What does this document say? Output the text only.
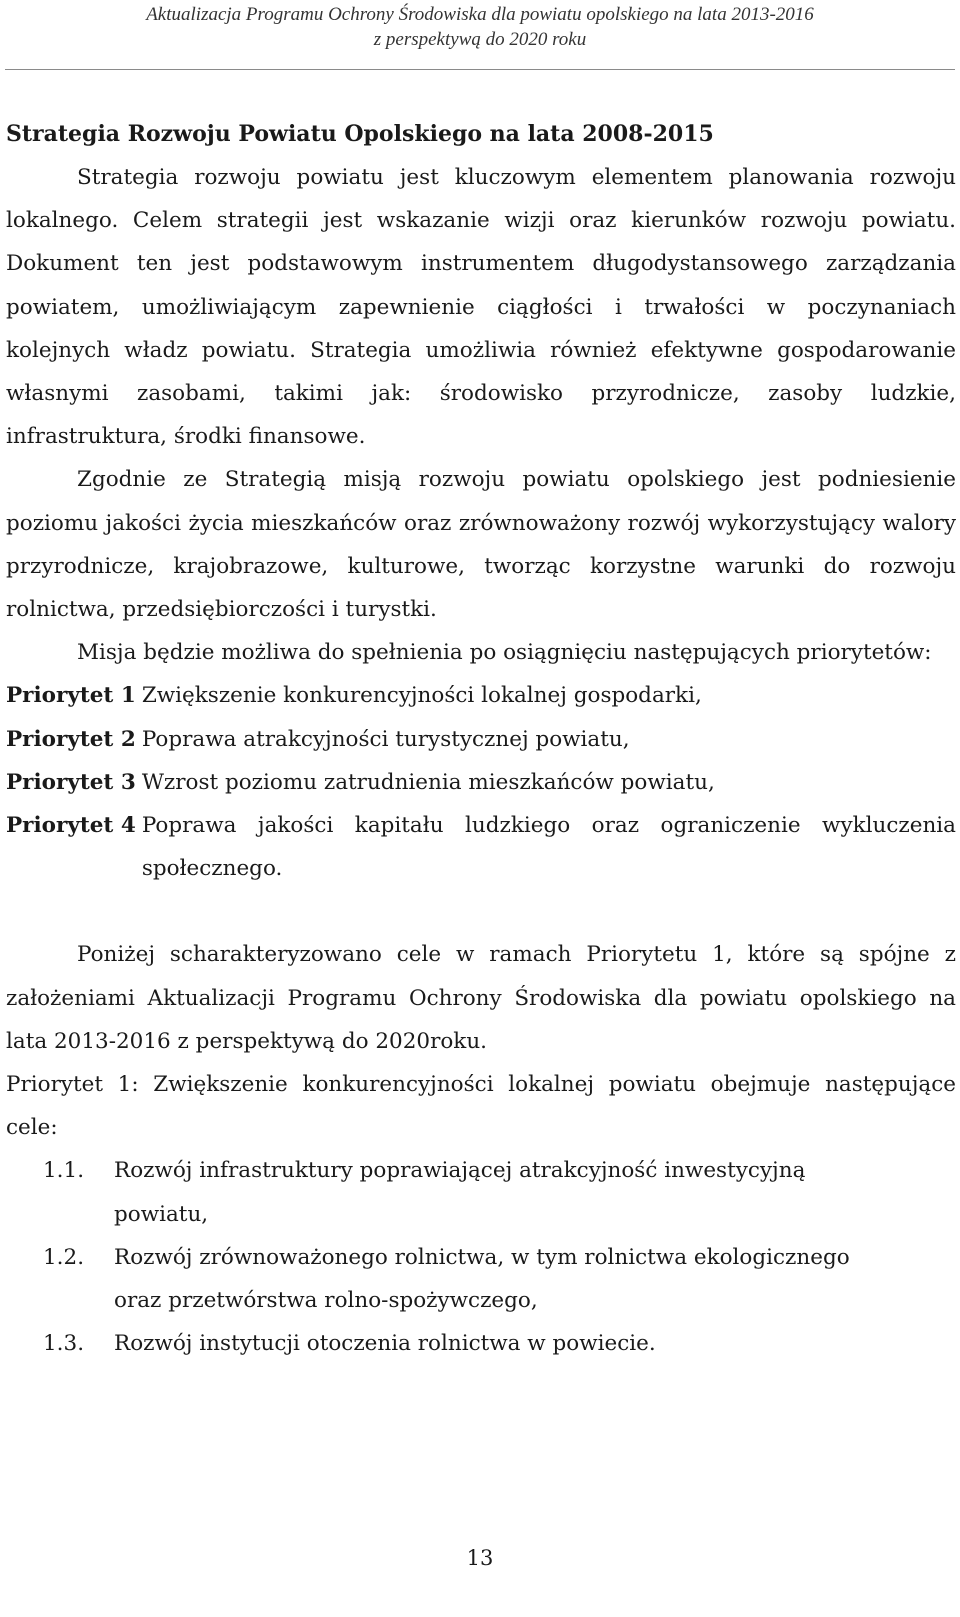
Aktualizacja Programu Ochrony Środowiska dla powiatu opolskiego na lata 2013-2016
z perspektywą do 2020 roku

Strategia Rozwoju Powiatu Opolskiego na lata 2008-2015

Strategia rozwoju powiatu jest kluczowym elementem planowania rozwoju lokalnego. Celem strategii jest wskazanie wizji oraz kierunków rozwoju powiatu. Dokument ten jest podstawowym instrumentem długodystansowego zarządzania powiatem, umożliwiającym zapewnienie ciągłości i trwałości w poczynaniach kolejnych władz powiatu. Strategia umożliwia również efektywne gospodarowanie własnymi zasobami, takimi jak: środowisko przyrodnicze, zasoby ludzkie, infrastruktura, środki finansowe.

Zgodnie ze Strategią misją rozwoju powiatu opolskiego jest podniesienie poziomu jakości życia mieszkańców oraz zrównoważony rozwój wykorzystujący walory przyrodnicze, krajobrazowe, kulturowe, tworząc korzystne warunki do rozwoju rolnictwa, przedsiębiorczości i turystki.

Misja będzie możliwa do spełnienia po osiągnięciu następujących priorytetów:

Priorytet 1 Zwiększenie konkurencyjności lokalnej gospodarki,
Priorytet 2 Poprawa atrakcyjności turystycznej powiatu,
Priorytet 3 Wzrost poziomu zatrudnienia mieszkańców powiatu,
Priorytet 4 Poprawa jakości kapitału ludzkiego oraz ograniczenie wykluczenia społecznego.

Poniżej scharakteryzowano cele w ramach Priorytetu 1, które są spójne z założeniami Aktualizacji Programu Ochrony Środowiska dla powiatu opolskiego na lata 2013-2016 z perspektywą do 2020roku.

Priorytet 1: Zwiększenie konkurencyjności lokalnej powiatu obejmuje następujące cele:

1.1.	Rozwój infrastruktury poprawiającej atrakcyjność inwestycyjną powiatu,
1.2.	Rozwój zrównoważonego rolnictwa, w tym rolnictwa ekologicznego oraz przetwórstwa rolno-spożywczego,
1.3.	Rozwój instytucji otoczenia rolnictwa w powiecie.
13
